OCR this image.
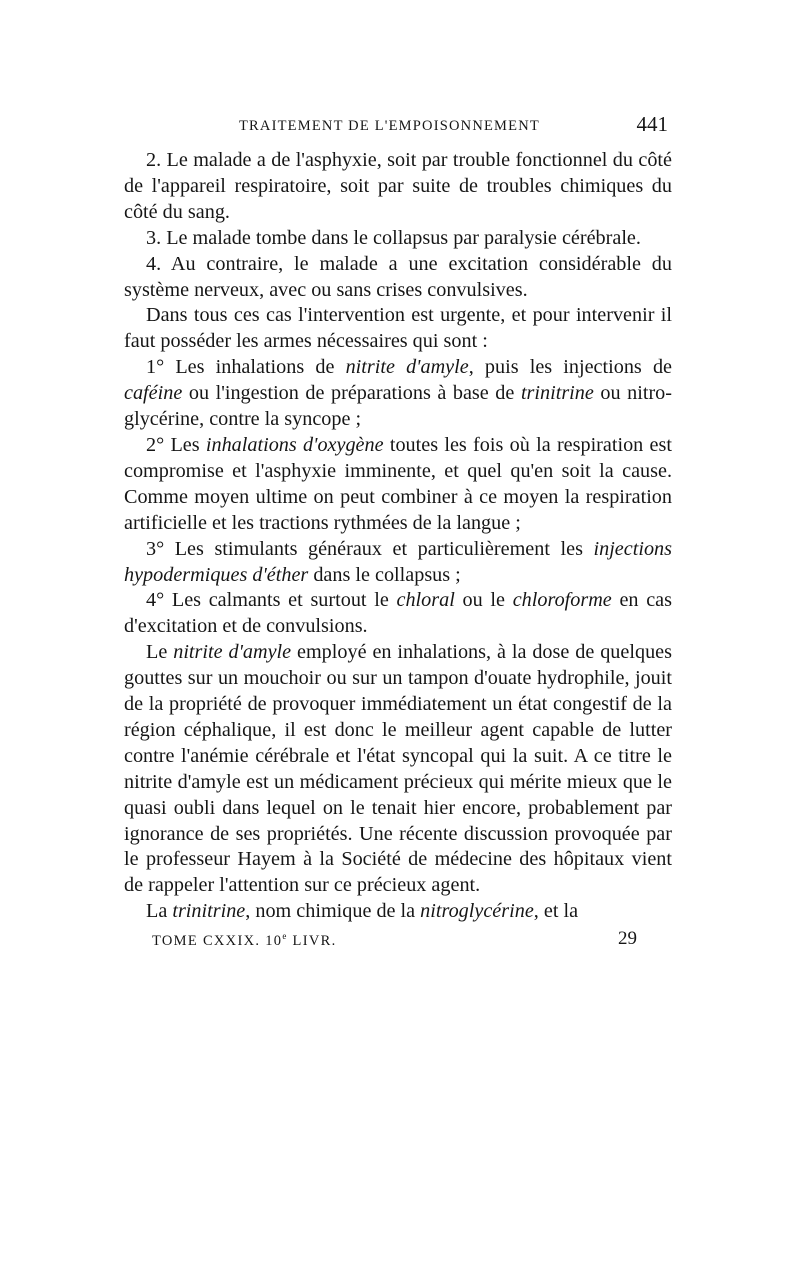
TRAITEMENT DE L'EMPOISONNEMENT	441

2. Le malade a de l'asphyxie, soit par trouble fonctionnel du côté de l'appareil respiratoire, soit par suite de troubles chimiques du côté du sang.

3. Le malade tombe dans le collapsus par paralysie cérébrale.

4. Au contraire, le malade a une excitation considérable du système nerveux, avec ou sans crises convulsives.

Dans tous ces cas l'intervention est urgente, et pour intervenir il faut posséder les armes nécessaires qui sont :

1° Les inhalations de nitrite d'amyle, puis les injections de caféine ou l'ingestion de préparations à base de trinitrine ou nitro-glycérine, contre la syncope ;

2° Les inhalations d'oxygène toutes les fois où la respiration est compromise et l'asphyxie imminente, et quel qu'en soit la cause. Comme moyen ultime on peut combiner à ce moyen la respiration artificielle et les tractions rythmées de la langue ;

3° Les stimulants généraux et particulièrement les injections hypodermiques d'éther dans le collapsus ;

4° Les calmants et surtout le chloral ou le chloroforme en cas d'excitation et de convulsions.

Le nitrite d'amyle employé en inhalations, à la dose de quelques gouttes sur un mouchoir ou sur un tampon d'ouate hydrophile, jouit de la propriété de provoquer immédiatement un état congestif de la région céphalique, il est donc le meilleur agent capable de lutter contre l'anémie cérébrale et l'état syncopal qui la suit. A ce titre le nitrite d'amyle est un médicament précieux qui mérite mieux que le quasi oubli dans lequel on le tenait hier encore, probablement par ignorance de ses propriétés. Une récente discussion provoquée par le professeur Hayem à la Société de médecine des hôpitaux vient de rappeler l'attention sur ce précieux agent.

La trinitrine, nom chimique de la nitroglycérine, et la

TOME CXXIX. 10e LIVR.	29
